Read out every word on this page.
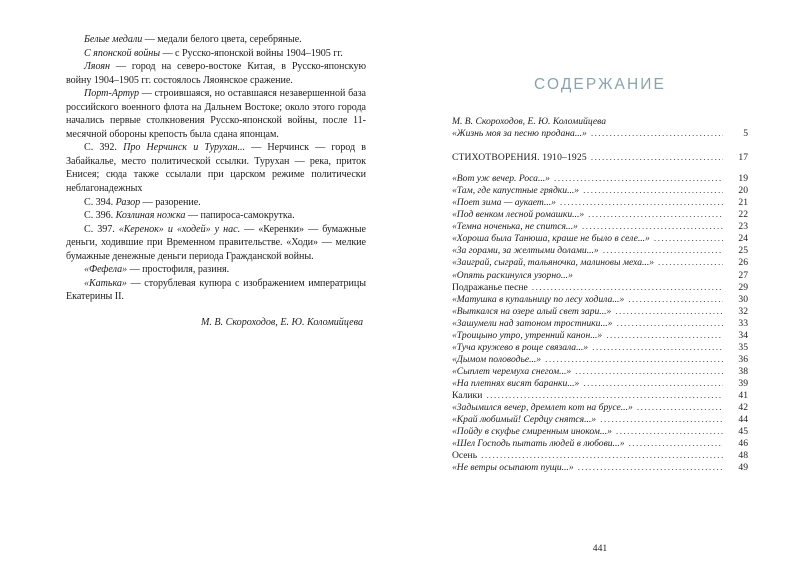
Белые медали — медали белого цвета, серебряные.

С японской войны — с Русско-японской войны 1904–1905 гг.

Ляоян — город на северо-востоке Китая, в Русско-японскую войну 1904–1905 гг. состоялось Ляоянское сражение.

Порт-Артур — строившаяся, но оставшаяся незавершенной база российского военного флота на Дальнем Востоке; около этого города начались первые столкновения Русско-японской войны, после 11-месячной обороны крепость была сдана японцам.

С. 392. Про Нерчинск и Турухан... — Нерчинск — город в Забайкалье, место политической ссылки. Турухан — река, приток Енисея; сюда также ссылали при царском режиме политически неблагонадежных

С. 394. Разор — разорение.

С. 396. Козлиная ножка — папироса-самокрутка.

С. 397. «Керенок» и «ходей» у нас. — «Керенки» — бумажные деньги, ходившие при Временном правительстве. «Ходи» — мелкие бумажные денежные деньги периода Гражданской войны.

«Фефела» — простофиля, разиня.

«Катька» — сторублевая купюра с изображением императрицы Екатерины II.

М. В. Скороходов, Е. Ю. Коломийцева

СОДЕРЖАНИЕ
М. В. Скороходов, Е. Ю. Коломийцева
«Жизнь моя за песню продана...» .....	5
СТИХОТВОРЕНИЯ. 1910–1925 .....	17
«Вот уж вечер. Роса...» .....	19
«Там, где капустные грядки...» .....	20
«Поет зима — аукает...» .....	21
«Под венком лесной ромашки...» .....	22
«Темна ноченька, не спится...» .....	23
«Хороша была Танюша, краше не было в селе...» .....	24
«За горами, за желтыми долами...» .....	25
«Заиграй, сыграй, тальяночка, малиновы меха...» .....	26
«Опять раскинулся узорно...» .....	27
Подражанье песне .....	29
«Матушка в купальницу по лесу ходила...» .....	30
«Выткался на озере алый свет зари...» .....	32
«Зашумели над затоном тростники...» .....	33
«Троицыно утро, утренний канон...» .....	34
«Туча кружево в роще связала...» .....	35
«Дымом половодье...» .....	36
«Сыплет черемуха снегом...» .....	38
«На плетнях висят баранки...» .....	39
Калики .....	41
«Задымился вечер, дремлет кот на брусе...» .....	42
«Край любимый! Сердцу снятся...» .....	44
«Пойду в скуфье смиренным иноком...» .....	45
«Шел Господь пытать людей в любови...» .....	46
Осень .....	48
«Не ветры осыпают пущи...» .....	49
441
